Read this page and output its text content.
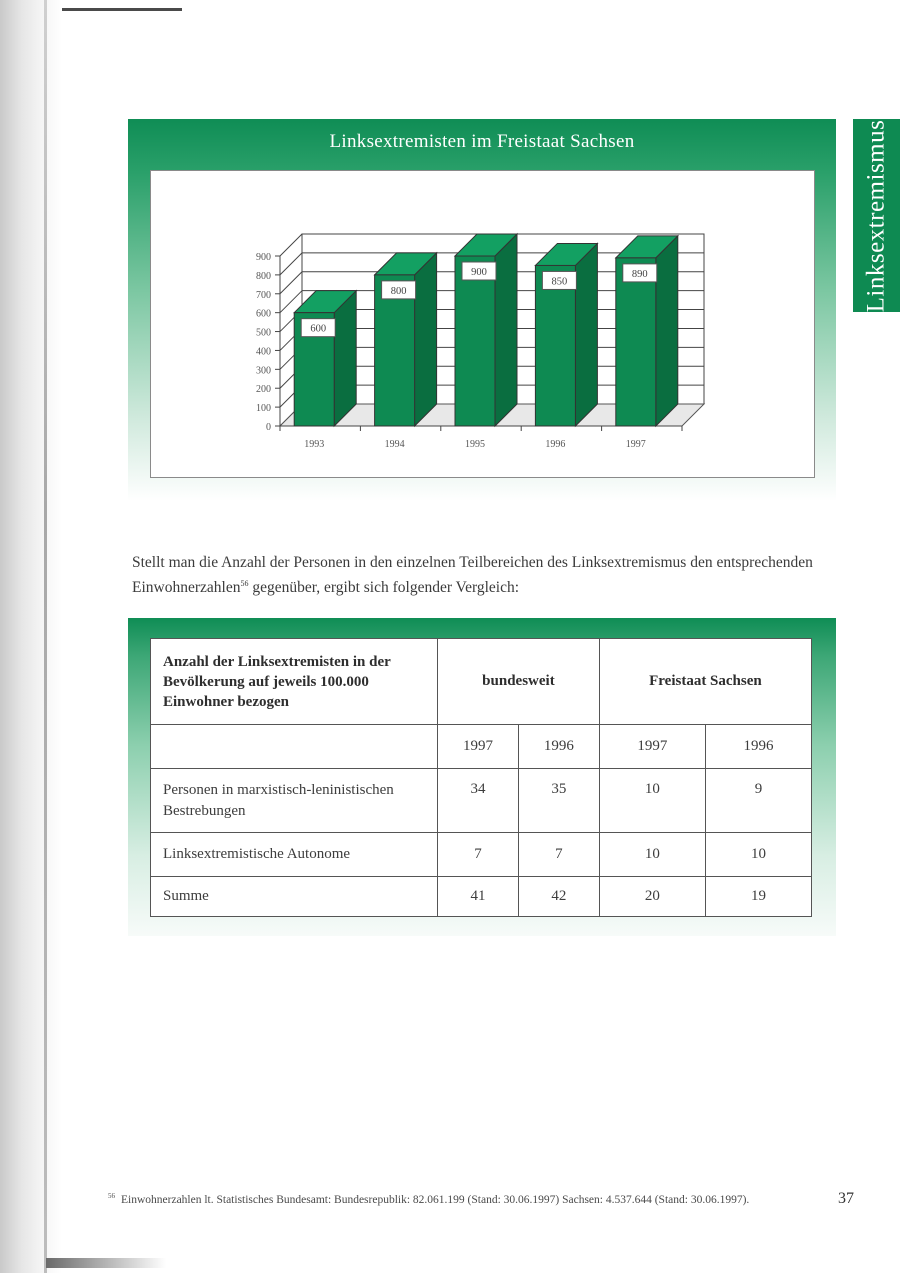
Linksextremismus
Linksextremisten im Freistaat Sachsen
0
100
200
300
400
500
600
700
800
900
600
1993
800
1994
900
1995
850
1996
890
1997
Stellt man die Anzahl der Personen in den einzelnen Teilbereichen des Linksextremismus den entsprechenden Einwohnerzahlen$^{56}$ gegenüber, ergibt sich folgender Vergleich:
Anzahl der Linksextremisten in der Bevölkerung auf jeweils 100.000 Einwohner bezogen	bundesweit		Freistaat Sachsen	
	1997	1996	1997	1996
Personen in marxistisch-leninistischen Bestrebungen	34	35	10	9
Linksextremistische Autonome	7	7	10	10
Summe	41	42	20	19
$^{56}$ Einwohnerzahlen lt. Statistisches Bundesamt: Bundesrepublik: 82.061.199 (Stand: 30.06.1997) Sachsen: 4.537.644 (Stand: 30.06.1997).	37
